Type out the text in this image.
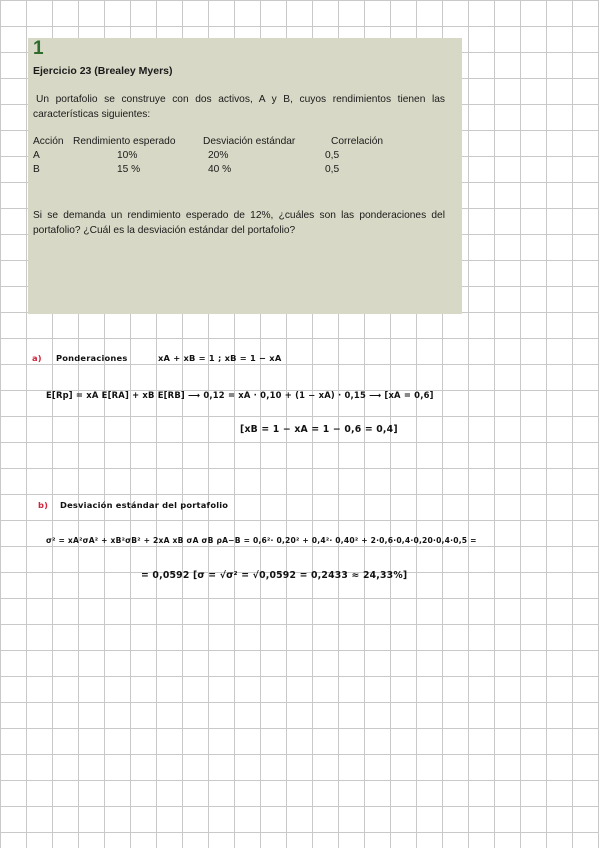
1
Ejercicio 23 (Brealey Myers)
Un portafolio se construye con dos activos, A y B, cuyos rendimientos tienen las características siguientes:
Acción Rendimiento esperado	Desviación estándar	Correlación
A	10%	20%	0,5
B	15 %	40 %	0,5
Si se demanda un rendimiento esperado de 12%, ¿cuáles son las ponderaciones del portafolio? ¿Cuál es la desviación estándar del portafolio?
a) Ponderaciones	xA + xB = 1 ; xB = 1 − xA
E[Rp] = xA E[RA] + xB E[RB] ⟶ 0,12 = xA · 0,10 + (1 − xA) · 0,15 ⟶ [xA = 0,6]
[xB = 1 − xA = 1 − 0,6 = 0,4]
b) Desviación estándar del portafolio
σ² = xA²σA² + xB²σB² + 2xA xB σA σB ρA−B = 0,6²· 0,20² + 0,4²· 0,40² + 2·0,6·0,4·0,20·0,4·0,5 =
= 0,0592 [σ = √σ² = √0,0592 = 0,2433 ≈ 24,33%]
